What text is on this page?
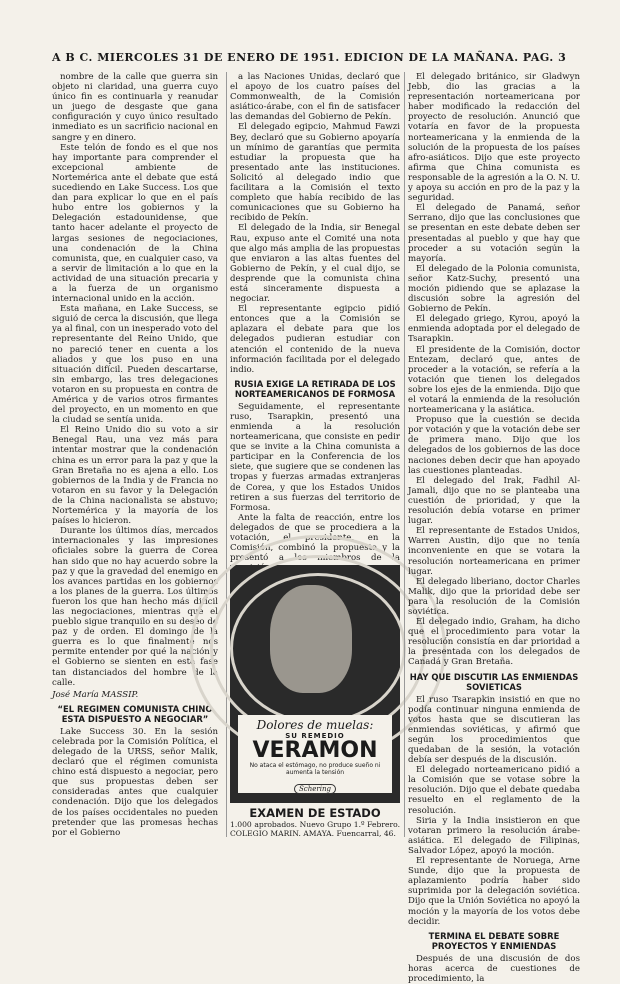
A B C. MIERCOLES 31 DE ENERO DE 1951. EDICION DE LA MAÑANA. PAG. 3

nombre de la calle que guerra sin objeto ni claridad, una guerra cuyo único fin es continuarla y reanudar un juego de desgaste que gana configuración y cuyo único resultado inmediato es un sacrificio nacional en sangre y en dinero.

Este telón de fondo es el que nos hay importante para comprender el excepcional ambiente de Nortemérica ante el debate que está sucediendo en Lake Success. Los que dan para explicar lo que en el país hubo entre los gobiernos y la Delegación estadounidense, que tanto hacer adelante el proyecto de largas sesiones de negociaciones, una condenación de la China comunista, que, en cualquier caso, va a servir de limitación a lo que en la actividad de una situación precaria y a la fuerza de un organismo internacional unido en la acción.

Esta mañana, en Lake Success, se siguió de cerca la discusión, que llega ya al final, con un inesperado voto del representante del Reino Unido, que no pareció tener en cuenta a los aliados y que los puso en una situación difícil. Pueden descartarse, sin embargo, las tres delegaciones votaron en su propuesta en contra de América y de varios otros firmantes del proyecto, en un momento en que la ciudad se sentía unida.

El Reino Unido dio su voto a sir Benegal Rau, una vez más para intentar mostrar que la condenación china es un error para la paz y que la Gran Bretaña no es ajena a ello. Los gobiernos de la India y de Francia no votaron en su favor y la Delegación de la China nacionalista se abstuvo; Nortemérica y la mayoría de los países lo hicieron.

Durante los últimos días, mercados internacionales y las impresiones oficiales sobre la guerra de Corea han sido que no hay acuerdo sobre la paz y que la gravedad del enemigo en los avances partidas en los gobiernos a los planes de la guerra. Los últimos fueron los que han hecho más difícil las negociaciones, mientras que el pueblo sigue tranquilo en su deseo de paz y de orden. El domingo de la guerra es lo que finalmente nos permite entender por qué la nación y el Gobierno se sienten en esta fase tan distanciados del hombre de la calle.

José María MASSIP.

“EL REGIMEN COMUNISTA CHINO ESTA DISPUESTO A NEGOCIAR”

Lake Success 30. En la sesión celebrada por la Comisión Política, el delegado de la URSS, señor Malik, declaró que el régimen comunista chino está dispuesto a negociar, pero que sus propuestas deben ser consideradas antes que cualquier condenación. Dijo que los delegados de los países occidentales no pueden pretender que las promesas hechas por el Gobierno

a las Naciones Unidas, declaró que el apoyo de los cuatro países del Commonwealth, de la Comisión asiático-árabe, con el fin de satisfacer las demandas del Gobierno de Pekín.

El delegado egipcio, Mahmud Fawzi Bey, declaró que su Gobierno apoyaría un mínimo de garantías que permita estudiar la propuesta que ha presentado ante las instituciones. Solicitó al delegado indio que facilitara a la Comisión el texto completo que había recibido de las comunicaciones que su Gobierno ha recibido de Pekín.

El delegado de la India, sir Benegal Rau, expuso ante el Comité una nota que algo más amplia de las propuestas que enviaron a las altas fuentes del Gobierno de Pekín, y el cual dijo, se desprende que la comunista china está sinceramente dispuesta a negociar.

El representante egipcio pidió entonces que a la Comisión se aplazara el debate para que los delegados pudieran estudiar con atención el contenido de la nueva información facilitada por el delegado indio.

RUSIA EXIGE LA RETIRADA DE LOS NORTEAMERICANOS DE FORMOSA

Seguidamente, el representante ruso, Tsarapkin, presentó una enmienda a la resolución norteamericana, que consiste en pedir que se invite a la China comunista a participar en la Conferencia de los siete, que sugiere que se condenen las tropas y fuerzas armadas extranjeras de Corea, y que los Estados Unidos retiren a sus fuerzas del territorio de Formosa.

Ante la falta de reacción, entre los delegados de que se procediera a la votación, el presidente, en la Comisión, combinó la propuesta y la presentó a los miembros de la

Dolores de muelas:
SU REMEDIO
VERAMON
No ataca el estómago, no produce sueño ni aumenta la tensión
Schering
EXAMEN DE ESTADO
1.000 aprobados. Nuevo Grupo 1.º Febrero. COLEGIO MARIN. AMAYA. Fuencarral, 46.

El delegado británico, sir Gladwyn Jebb, dio las gracias a la representación norteamericana por haber modificado la redacción del proyecto de resolución. Anunció que votaría en favor de la propuesta norteamericana y la enmienda de la solución de la propuesta de los países afro-asiáticos. Dijo que este proyecto afirma que China comunista es responsable de la agresión a la O. N. U. y apoya su acción en pro de la paz y la seguridad.

El delegado de Panamá, señor Serrano, dijo que las conclusiones que se presentan en este debate deben ser presentadas al pueblo y que hay que proceder a su votación según la mayoría.

El delegado de la Polonia comunista, señor Katz-Suchy, presentó una moción pidiendo que se aplazase la discusión sobre la agresión del Gobierno de Pekín.

El delegado griego, Kyrou, apoyó la enmienda adoptada por el delegado de Tsarapkin.

El presidente de la Comisión, doctor Entezam, declaró que, antes de proceder a la votación, se refería a la votación que tienen los delegados sobre los ejes de la enmienda. Dijo que el votará la enmienda de la resolución norteamericana y la asiática.

Propuso que la cuestión se decida por votación y que la votación debe ser de primera mano. Dijo que los delegados de los gobiernos de las doce naciones deben decir que han apoyado las cuestiones planteadas.

El delegado del Irak, Fadhil Al-Jamali, dijo que no se planteaba una cuestión de prioridad, y que la resolución debía votarse en primer lugar.

El representante de Estados Unidos, Warren Austin, dijo que no tenía inconveniente en que se votara la resolución norteamericana en primer lugar.

El delegado liberiano, doctor Charles Malik, dijo que la prioridad debe ser para la resolución de la Comisión soviética.

El delegado indio, Graham, ha dicho que el procedimiento para votar la resolución consistía en dar prioridad a la presentada con los delegados de Canadá y Gran Bretaña.

HAY QUE DISCUTIR LAS ENMIENDAS SOVIETICAS

El ruso Tsarapkin insistió en que no podía continuar ninguna enmienda de votos hasta que se discutieran las enmiendas soviéticas, y afirmó que según los procedimientos que quedaban de la sesión, la votación debía ser después de la discusión.

El delegado norteamericano pidió a la Comisión que se votase sobre la resolución. Dijo que el debate quedaba resuelto en el reglamento de la resolución.

Siria y la India insistieron en que votaran primero la resolución árabe-asiática. El delegado de Filipinas, Salvador López, apoyó la moción.

El representante de Noruega, Arne Sunde, dijo que la propuesta de aplazamiento podría haber sido suprimida por la delegación soviética. Dijo que la Unión Soviética no apoyó la moción y la mayoría de los votos debe decidir.

TERMINA EL DEBATE SOBRE PROYECTOS Y ENMIENDAS

Después de una discusión de dos horas acerca de cuestiones de procedimiento, la
